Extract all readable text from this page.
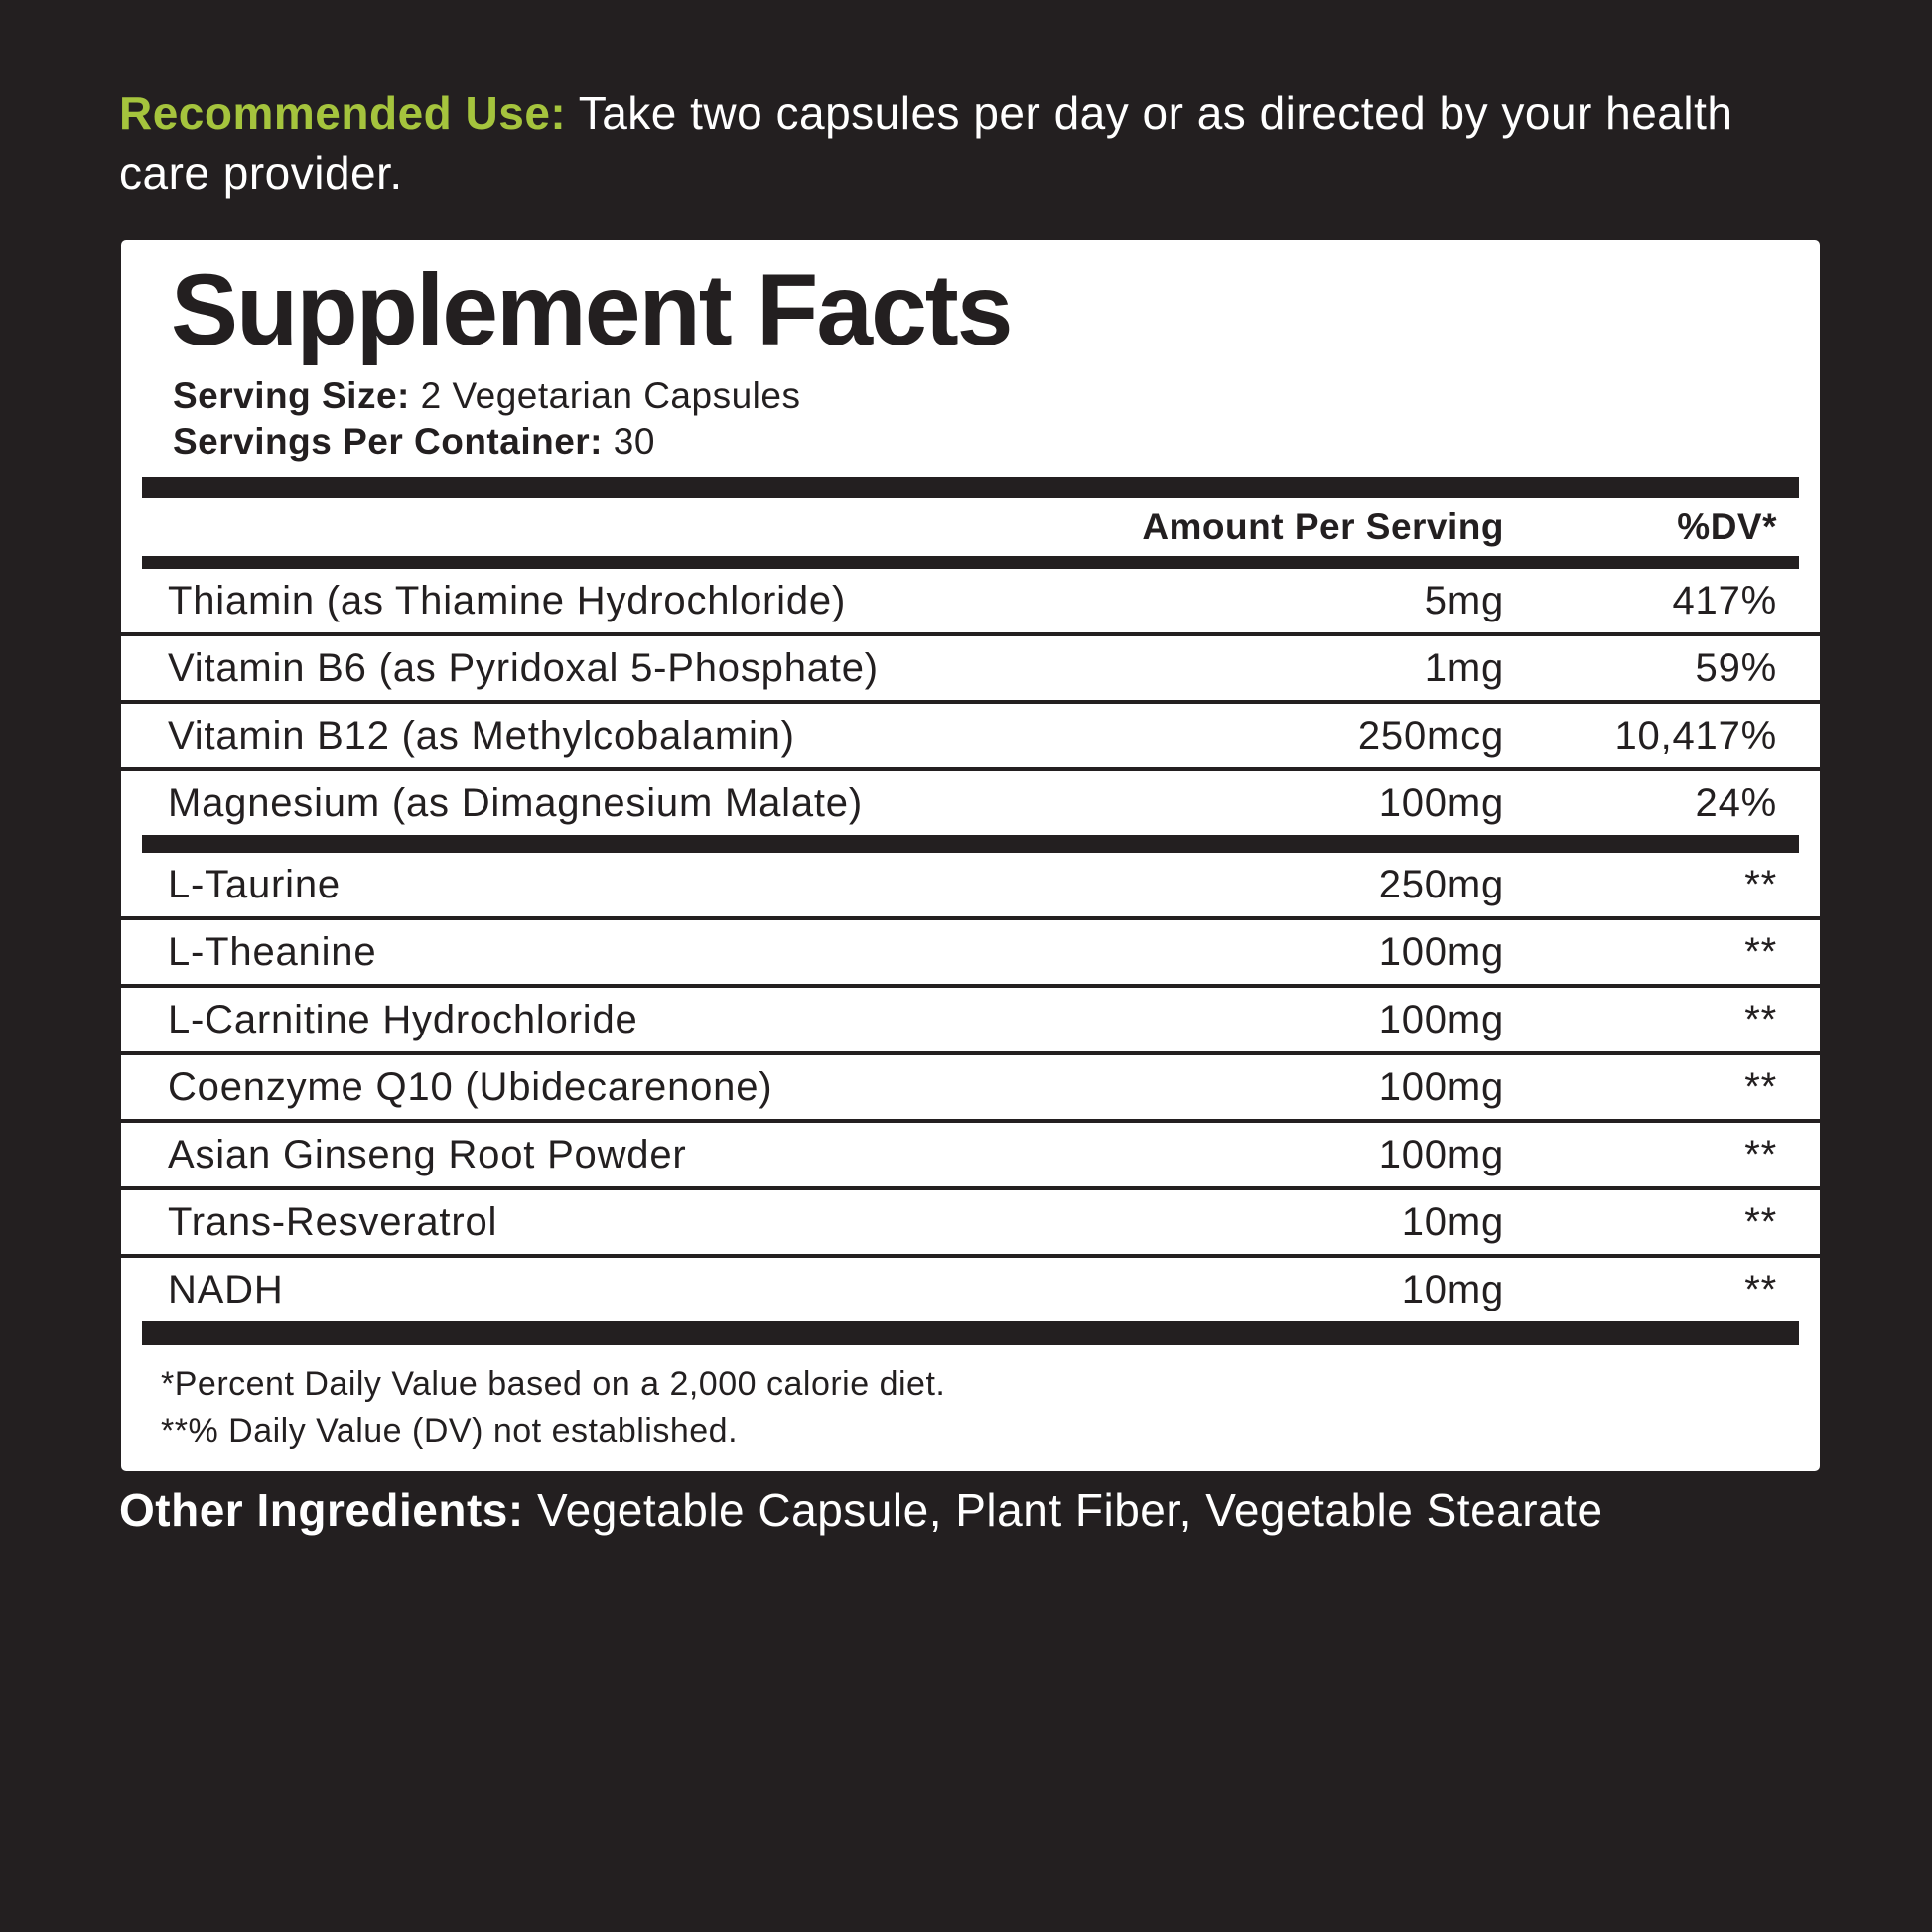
Recommended Use: Take two capsules per day or as directed by your health care provider.

Supplement Facts

Serving Size: 2 Vegetarian Capsules

Servings Per Container: 30

Amount Per Serving	%DV*
Thiamin (as Thiamine Hydrochloride)	5mg	417%
Vitamin B6 (as Pyridoxal 5-Phosphate)	1mg	59%
Vitamin B12 (as Methylcobalamin)	250mcg	10,417%
Magnesium (as Dimagnesium Malate)	100mg	24%
L-Taurine	250mg	**
L-Theanine	100mg	**
L-Carnitine Hydrochloride	100mg	**
Coenzyme Q10 (Ubidecarenone)	100mg	**
Asian Ginseng Root Powder	100mg	**
Trans-Resveratrol	10mg	**
NADH	10mg	**

*Percent Daily Value based on a 2,000 calorie diet.

**% Daily Value (DV) not established.

Other Ingredients: Vegetable Capsule, Plant Fiber, Vegetable Stearate
